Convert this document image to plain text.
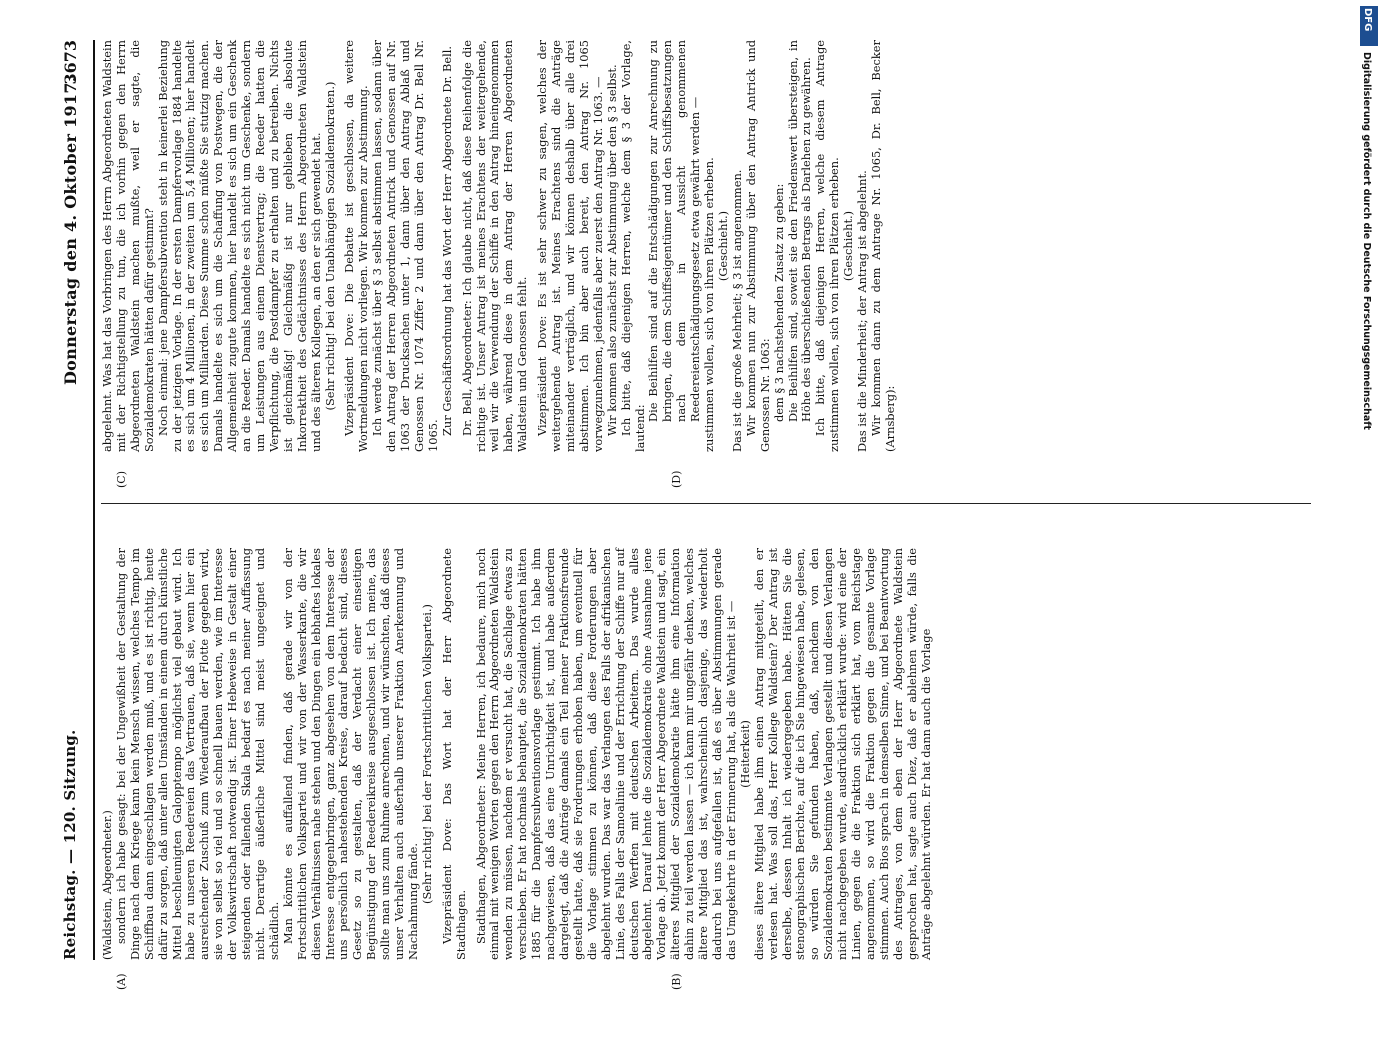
Reichstag. — 120. Sitzung.
Donnerstag den 4. Oktober 1917.
3673
(A)	(B)
(C)	(D)

(Waldstein, Abgeordneter.) sondern ich habe gesagt: bei der Ungewißheit der Gestaltung der Dinge nach dem Kriege kann kein Mensch wissen, welches Tempo im Schiffbau dann eingeschlagen werden muß, und es ist richtig, heute dafür zu sorgen, daß unter allen Umständen in einem durch künstliche Mittel beschleunigten Galopptempo möglichst viel gebaut wird. Ich habe zu unseren Reedereien das Vertrauen, daß sie, wenn hier ein ausreichender Zuschuß zum Wiederaufbau der Flotte gegeben wird, sie von selbst so viel und so schnell bauen werden, wie im Interesse der Volkswirtschaft notwendig ist. Einer Hebeweise in Gestalt einer steigenden oder fallenden Skala bedarf es nach meiner Auffassung nicht. Derartige äußerliche Mittel sind meist ungeeignet und schädlich. Man könnte es auffallend finden, daß gerade wir von der Fortschrittlichen Volkspartei und wir von der Wasserkante, die wir diesen Verhältnissen nahe stehen und den Dingen ein lebhaftes lokales Interesse entgegenbringen, ganz abgesehen von dem Interesse der uns persönlich nahestehenden Kreise, darauf bedacht sind, dieses Gesetz so zu gestalten, daß der Verdacht einer einseitigen Begünstigung der Reedereikreise ausgeschlossen ist. Ich meine, das sollte man uns zum Ruhme anrechnen, und wir wünschten, daß dieses unser Verhalten auch außerhalb unserer Fraktion Anerkennung und Nachahmung fände. (Sehr richtig! bei der Fortschrittlichen Volkspartei.) Vizepräsident Dove: Das Wort hat der Herr Abgeordnete Stadthagen. Stadthagen, Abgeordneter: Meine Herren, ich bedaure, mich noch einmal mit wenigen Worten gegen den Herrn Abgeordneten Waldstein wenden zu müssen, nachdem er versucht hat, die Sachlage etwas zu verschieben. Er hat nochmals behauptet, die Sozialdemokraten hätten 1885 für die Dampfersubventionsvorlage gestimmt. Ich habe ihm nachgewiesen, daß das eine Unrichtigkeit ist, und habe außerdem dargelegt, daß die Anträge damals ein Teil meiner Fraktionsfreunde gestellt hatte, daß sie Forderungen erhoben haben, um eventuell für die Vorlage stimmen zu können, daß diese Forderungen aber abgelehnt wurden. Das war das Verlangen des Falls der afrikanischen Linie, des Falls der Samoalinie und der Errichtung der Schiffe nur auf deutschen Werften mit deutschen Arbeitern. Das wurde alles abgelehnt. Darauf lehnte die Sozialdemokratie ohne Ausnahme jene Vorlage ab. Jetzt kommt der Herr Abgeordnete Waldstein und sagt, ein älteres Mitglied der Sozialdemokratie hätte ihm eine Information dahin zu teil werden lassen — ich kann mir ungefähr denken, welches ältere Mitglied das ist, wahrscheinlich dasjenige, das wiederholt dadurch bei uns aufgefallen ist, daß es über Abstimmungen gerade das Umgekehrte in der Erinnerung hat, als die Wahrheit ist — (Heiterkeit) dieses ältere Mitglied habe ihm einen Antrag mitgeteilt, den er verlesen hat. Was soll das, Herr Kollege Waldstein? Der Antrag ist derselbe, dessen Inhalt ich wiedergegeben habe. Hätten Sie die stenographischen Berichte, auf die ich Sie hingewiesen habe, gelesen, so würden Sie gefunden haben, daß, nachdem von den Sozialdemokraten bestimmte Verlangen gestellt und diesen Verlangen nicht nachgegeben wurde, ausdrücklich erklärt wurde: wird eine der Linien, gegen die die Fraktion sich erklärt hat, vom Reichstage angenommen, so wird die Fraktion gegen die gesamte Vorlage stimmen. Auch Bios sprach in demselben Sinne, und bei Beantwortung des Antrages, von dem eben der Herr Abgeordnete Waldstein gesprochen hat, sagte auch Diez, daß er ablehnen würde, falls die Anträge abgelehnt würden. Er hat dann auch die Vorlage

abgelehnt. Was hat das Vorbringen des Herrn Abgeordneten Waldstein mit der Richtigstellung zu tun, die ich vorhin gegen den Herrn Abgeordneten Waldstein machen mußte, weil er sagte, die Sozialdemokraten hätten dafür gestimmt? Noch einmal: jene Dampfersubvention steht in keinerlei Beziehung zu der jetzigen Vorlage. In der ersten Dampfervorlage 1884 handelte es sich um 4 Millionen, in der zweiten um 5,4 Millionen; hier handelt es sich um Milliarden. Diese Summe schon müßte Sie stutzig machen. Damals handelte es sich um die Schaffung von Postwegen, die der Allgemeinheit zugute kommen, hier handelt es sich um ein Geschenk an die Reeder. Damals handelte es sich nicht um Geschenke, sondern um Leistungen aus einem Dienstvertrag; die Reeder hatten die Verpflichtung, die Postdampfer zu erhalten und zu betreiben. Nichts ist gleichmäßig! Gleichmäßig ist nur geblieben die absolute Inkorrektheit des Gedächtnisses des Herrn Abgeordneten Waldstein und des älteren Kollegen, an den er sich gewendet hat. (Sehr richtig! bei den Unabhängigen Sozialdemokraten.) Vizepräsident Dove: Die Debatte ist geschlossen, da weitere Wortmeldungen nicht vorliegen. Wir kommen zur Abstimmung. Ich werde zunächst über § 3 selbst abstimmen lassen, sodann über den Antrag der Herren Abgeordneten Antrick und Genossen auf Nr. 1063 der Drucksachen unter 1, dann über den Antrag Ablaß und Genossen Nr. 1074 Ziffer 2 und dann über den Antrag Dr. Bell Nr. 1065. Zur Geschäftsordnung hat das Wort der Herr Abgeordnete Dr. Bell. Dr. Bell, Abgeordneter: Ich glaube nicht, daß diese Reihenfolge die richtige ist. Unser Antrag ist meines Erachtens der weitergehende, weil wir die Verwendung der Schiffe in den Antrag hineingenommen haben, während diese in dem Antrag der Herren Abgeordneten Waldstein und Genossen fehlt. Vizepräsident Dove: Es ist sehr schwer zu sagen, welches der weitergehende Antrag ist. Meines Erachtens sind die Anträge miteinander verträglich, und wir können deshalb über alle drei abstimmen. Ich bin aber auch bereit, den Antrag Nr. 1065 vorwegzunehmen, jedenfalls aber zuerst den Antrag Nr. 1063. — Wir kommen also zunächst zur Abstimmung über den § 3 selbst. Ich bitte, daß diejenigen Herren, welche dem § 3 der Vorlage, lautend:

Die Beihilfen sind auf die Entschädigungen zur Anrechnung zu bringen, die dem Schiffseigentümer und den Schiffsbesatzungen nach dem in Aussicht genommenen Reedereientschädigungsgesetz etwa gewährt werden — zustimmen wollen, sich von ihren Plätzen erheben. (Geschieht.) Das ist die große Mehrheit; § 3 ist angenommen. Wir kommen nun zur Abstimmung über den Antrag Antrick und Genossen Nr. 1063: dem § 3 nachstehenden Zusatz zu geben: Die Beihilfen sind, soweit sie den Friedenswert übersteigen, in Höhe des überschießenden Betrags als Darlehen zu gewähren. Ich bitte, daß diejenigen Herren, welche diesem Antrage zustimmen wollen, sich von ihren Plätzen erheben. (Geschieht.) Das ist die Minderheit; der Antrag ist abgelehnt. Wir kommen dann zu dem Antrage Nr. 1065, Dr. Bell, Becker (Arnsberg):

DFG
Digitalisierung gefördert durch die Deutsche Forschungsgemeinschaft
